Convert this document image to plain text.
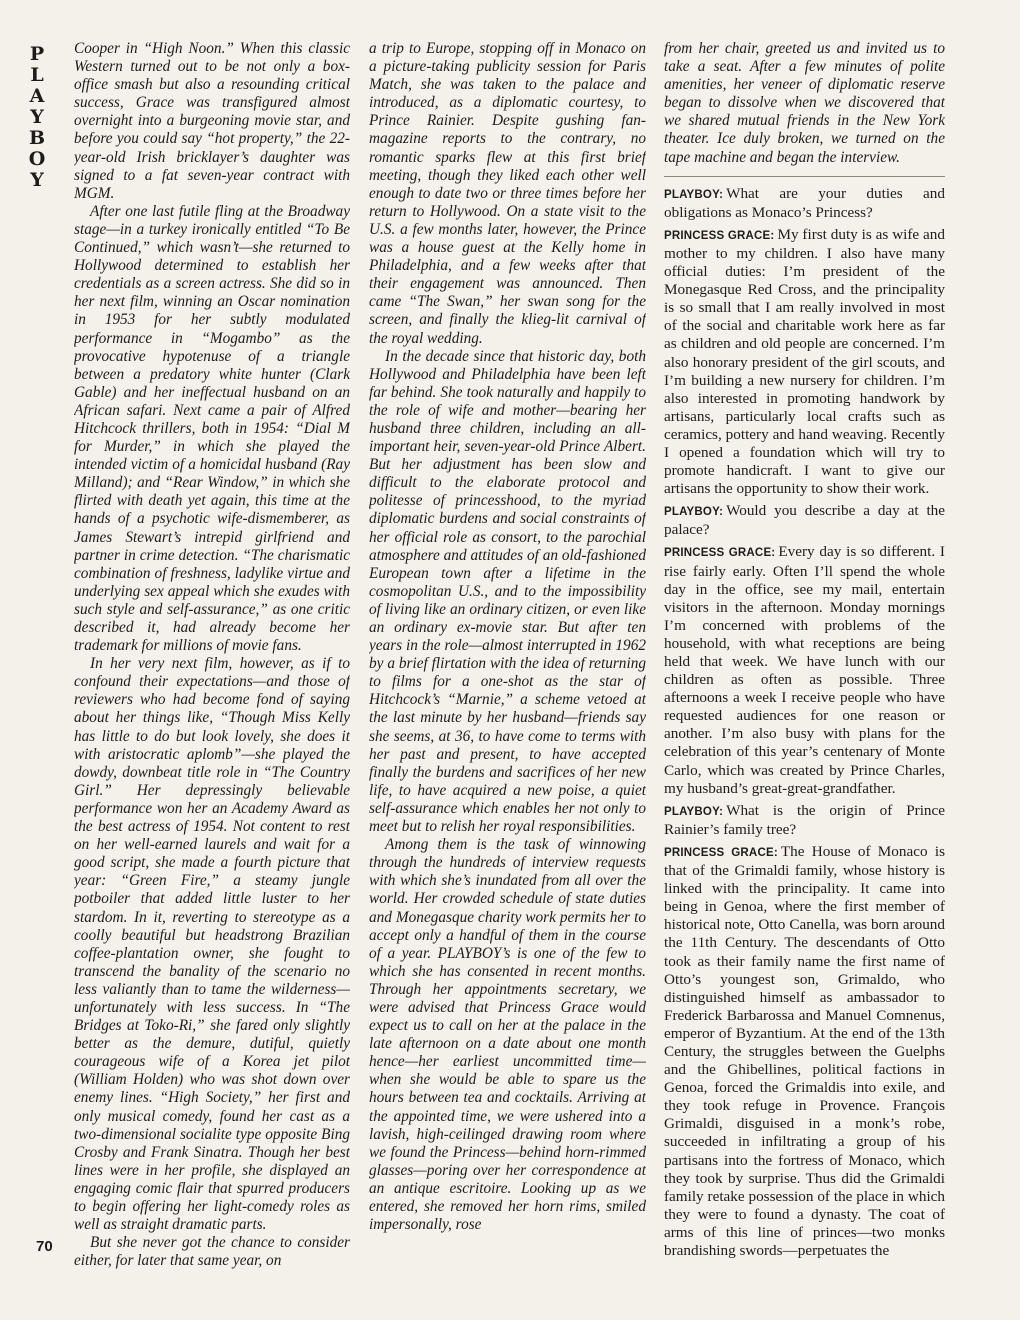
P
L
A
Y
B
O
Y
70

Cooper in “High Noon.” When this classic Western turned out to be not only a box-office smash but also a resounding critical success, Grace was transfigured almost overnight into a burgeoning movie star, and before you could say “hot property,” the 22-year-old Irish bricklayer’s daughter was signed to a fat seven-year contract with MGM.

After one last futile fling at the Broadway stage—in a turkey ironically entitled “To Be Continued,” which wasn’t—she returned to Hollywood determined to establish her credentials as a screen actress. She did so in her next film, winning an Oscar nomination in 1953 for her subtly modulated performance in “Mogambo” as the provocative hypotenuse of a triangle between a predatory white hunter (Clark Gable) and her ineffectual husband on an African safari. Next came a pair of Alfred Hitchcock thrillers, both in 1954: “Dial M for Murder,” in which she played the intended victim of a homicidal husband (Ray Milland); and “Rear Window,” in which she flirted with death yet again, this time at the hands of a psychotic wife-dismemberer, as James Stewart’s intrepid girlfriend and partner in crime detection. “The charismatic combination of freshness, ladylike virtue and underlying sex appeal which she exudes with such style and self-assurance,” as one critic described it, had already become her trademark for millions of movie fans.

In her very next film, however, as if to confound their expectations—and those of reviewers who had become fond of saying about her things like, “Though Miss Kelly has little to do but look lovely, she does it with aristocratic aplomb”—she played the dowdy, downbeat title role in “The Country Girl.” Her depressingly believable performance won her an Academy Award as the best actress of 1954. Not content to rest on her well-earned laurels and wait for a good script, she made a fourth picture that year: “Green Fire,” a steamy jungle potboiler that added little luster to her stardom. In it, reverting to stereotype as a coolly beautiful but headstrong Brazilian coffee-plantation owner, she fought to transcend the banality of the scenario no less valiantly than to tame the wilderness—unfortunately with less success. In “The Bridges at Toko-Ri,” she fared only slightly better as the demure, dutiful, quietly courageous wife of a Korea jet pilot (William Holden) who was shot down over enemy lines. “High Society,” her first and only musical comedy, found her cast as a two-dimensional socialite type opposite Bing Crosby and Frank Sinatra. Though her best lines were in her profile, she displayed an engaging comic flair that spurred producers to begin offering her light-comedy roles as well as straight dramatic parts.

But she never got the chance to consider either, for later that same year, on

a trip to Europe, stopping off in Monaco on a picture-taking publicity session for Paris Match, she was taken to the palace and introduced, as a diplomatic courtesy, to Prince Rainier. Despite gushing fan-magazine reports to the contrary, no romantic sparks flew at this first brief meeting, though they liked each other well enough to date two or three times before her return to Hollywood. On a state visit to the U.S. a few months later, however, the Prince was a house guest at the Kelly home in Philadelphia, and a few weeks after that their engagement was announced. Then came “The Swan,” her swan song for the screen, and finally the klieg-lit carnival of the royal wedding.

In the decade since that historic day, both Hollywood and Philadelphia have been left far behind. She took naturally and happily to the role of wife and mother—bearing her husband three children, including an all-important heir, seven-year-old Prince Albert. But her adjustment has been slow and difficult to the elaborate protocol and politesse of princesshood, to the myriad diplomatic burdens and social constraints of her official role as consort, to the parochial atmosphere and attitudes of an old-fashioned European town after a lifetime in the cosmopolitan U.S., and to the impossibility of living like an ordinary citizen, or even like an ordinary ex-movie star. But after ten years in the role—almost interrupted in 1962 by a brief flirtation with the idea of returning to films for a one-shot as the star of Hitchcock’s “Marnie,” a scheme vetoed at the last minute by her husband—friends say she seems, at 36, to have come to terms with her past and present, to have accepted finally the burdens and sacrifices of her new life, to have acquired a new poise, a quiet self-assurance which enables her not only to meet but to relish her royal responsibilities.

Among them is the task of winnowing through the hundreds of interview requests with which she’s inundated from all over the world. Her crowded schedule of state duties and Monegasque charity work permits her to accept only a handful of them in the course of a year. PLAYBOY’s is one of the few to which she has consented in recent months. Through her appointments secretary, we were advised that Princess Grace would expect us to call on her at the palace in the late afternoon on a date about one month hence—her earliest uncommitted time—when she would be able to spare us the hours between tea and cocktails. Arriving at the appointed time, we were ushered into a lavish, high-ceilinged drawing room where we found the Princess—behind horn-rimmed glasses—poring over her correspondence at an antique escritoire. Looking up as we entered, she removed her horn rims, smiled impersonally, rose

from her chair, greeted us and invited us to take a seat. After a few minutes of polite amenities, her veneer of diplomatic reserve began to dissolve when we discovered that we shared mutual friends in the New York theater. Ice duly broken, we turned on the tape machine and began the interview.

PLAYBOY: What are your duties and obligations as Monaco’s Princess?

PRINCESS GRACE: My first duty is as wife and mother to my children. I also have many official duties: I’m president of the Monegasque Red Cross, and the principality is so small that I am really involved in most of the social and charitable work here as far as children and old people are concerned. I’m also honorary president of the girl scouts, and I’m building a new nursery for children. I’m also interested in promoting handwork by artisans, particularly local crafts such as ceramics, pottery and hand weaving. Recently I opened a foundation which will try to promote handicraft. I want to give our artisans the opportunity to show their work.

PLAYBOY: Would you describe a day at the palace?

PRINCESS GRACE: Every day is so different. I rise fairly early. Often I’ll spend the whole day in the office, see my mail, entertain visitors in the afternoon. Monday mornings I’m concerned with problems of the household, with what receptions are being held that week. We have lunch with our children as often as possible. Three afternoons a week I receive people who have requested audiences for one reason or another. I’m also busy with plans for the celebration of this year’s centenary of Monte Carlo, which was created by Prince Charles, my husband’s great-great-grandfather.

PLAYBOY: What is the origin of Prince Rainier’s family tree?

PRINCESS GRACE: The House of Monaco is that of the Grimaldi family, whose history is linked with the principality. It came into being in Genoa, where the first member of historical note, Otto Canella, was born around the 11th Century. The descendants of Otto took as their family name the first name of Otto’s youngest son, Grimaldo, who distinguished himself as ambassador to Frederick Barbarossa and Manuel Comnenus, emperor of Byzantium. At the end of the 13th Century, the struggles between the Guelphs and the Ghibellines, political factions in Genoa, forced the Grimaldis into exile, and they took refuge in Provence. François Grimaldi, disguised in a monk’s robe, succeeded in infiltrating a group of his partisans into the fortress of Monaco, which they took by surprise. Thus did the Grimaldi family retake possession of the place in which they were to found a dynasty. The coat of arms of this line of princes—two monks brandishing swords—perpetuates the
